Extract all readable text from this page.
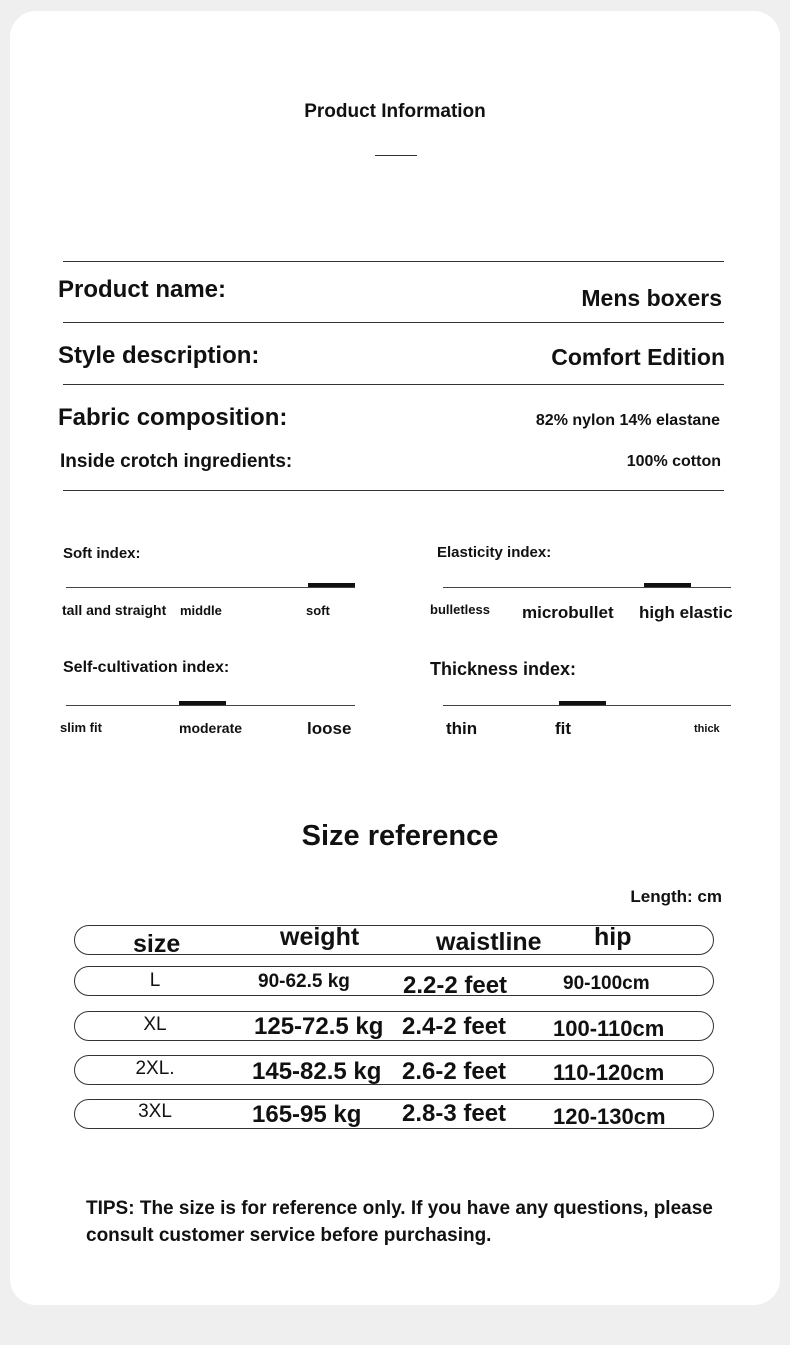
Product Information
Product name:	Mens boxers
Style description:	Comfort Edition
Fabric composition:	82% nylon 14% elastane
Inside crotch ingredients:	100% cotton
Soft index:
tall and straight middle	soft
Elasticity index:
bulletless microbullet high elastic
Self-cultivation index:
slim fit	moderate	loose
Thickness index:
thin	fit	thick
Size reference
Length: cm
size	weight	waistline hip
L	90-62.5 kg 2.2-2 feet	90-100cm
XL	125-72.5 kg 2.4-2 feet 100-110cm
2XL.	145-82.5 kg 2.6-2 feet 110-120cm
3XL	165-95 kg 2.8-3 feet 120-130cm
TIPS: The size is for reference only. If you have any questions, please consult customer service before purchasing.
